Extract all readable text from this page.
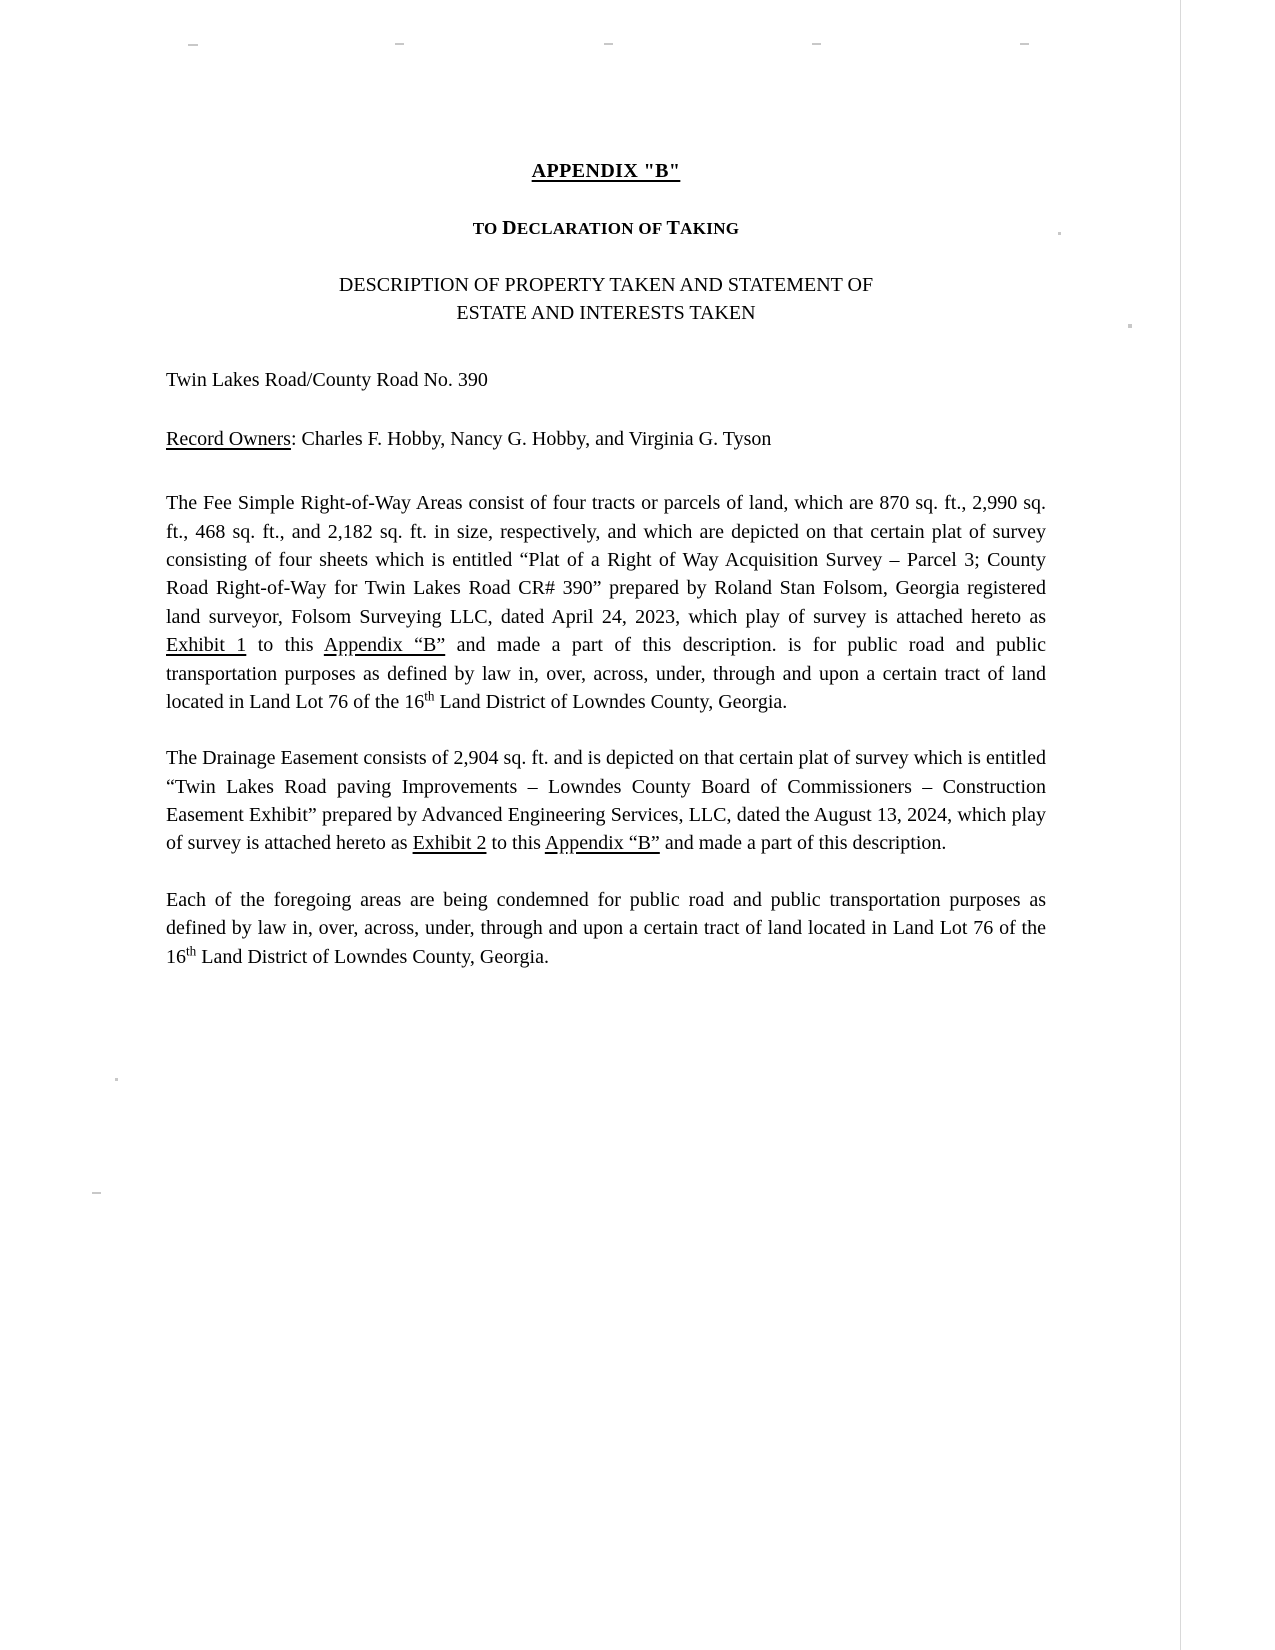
APPENDIX "B"
TO DECLARATION OF TAKING
DESCRIPTION OF PROPERTY TAKEN AND STATEMENT OF
ESTATE AND INTERESTS TAKEN
Twin Lakes Road/County Road No. 390
Record Owners: Charles F. Hobby, Nancy G. Hobby, and Virginia G. Tyson

The Fee Simple Right-of-Way Areas consist of four tracts or parcels of land, which are 870 sq. ft., 2,990 sq. ft., 468 sq. ft., and 2,182 sq. ft. in size, respectively, and which are depicted on that certain plat of survey consisting of four sheets which is entitled “Plat of a Right of Way Acquisition Survey – Parcel 3; County Road Right-of-Way for Twin Lakes Road CR# 390” prepared by Roland Stan Folsom, Georgia registered land surveyor, Folsom Surveying LLC, dated April 24, 2023, which play of survey is attached hereto as Exhibit 1 to this Appendix “B” and made a part of this description. is for public road and public transportation purposes as defined by law in, over, across, under, through and upon a certain tract of land located in Land Lot 76 of the 16th Land District of Lowndes County, Georgia.

The Drainage Easement consists of 2,904 sq. ft. and is depicted on that certain plat of survey which is entitled “Twin Lakes Road paving Improvements – Lowndes County Board of Commissioners – Construction Easement Exhibit” prepared by Advanced Engineering Services, LLC, dated the August 13, 2024, which play of survey is attached hereto as Exhibit 2 to this Appendix “B” and made a part of this description.

Each of the foregoing areas are being condemned for public road and public transportation purposes as defined by law in, over, across, under, through and upon a certain tract of land located in Land Lot 76 of the 16th Land District of Lowndes County, Georgia.
